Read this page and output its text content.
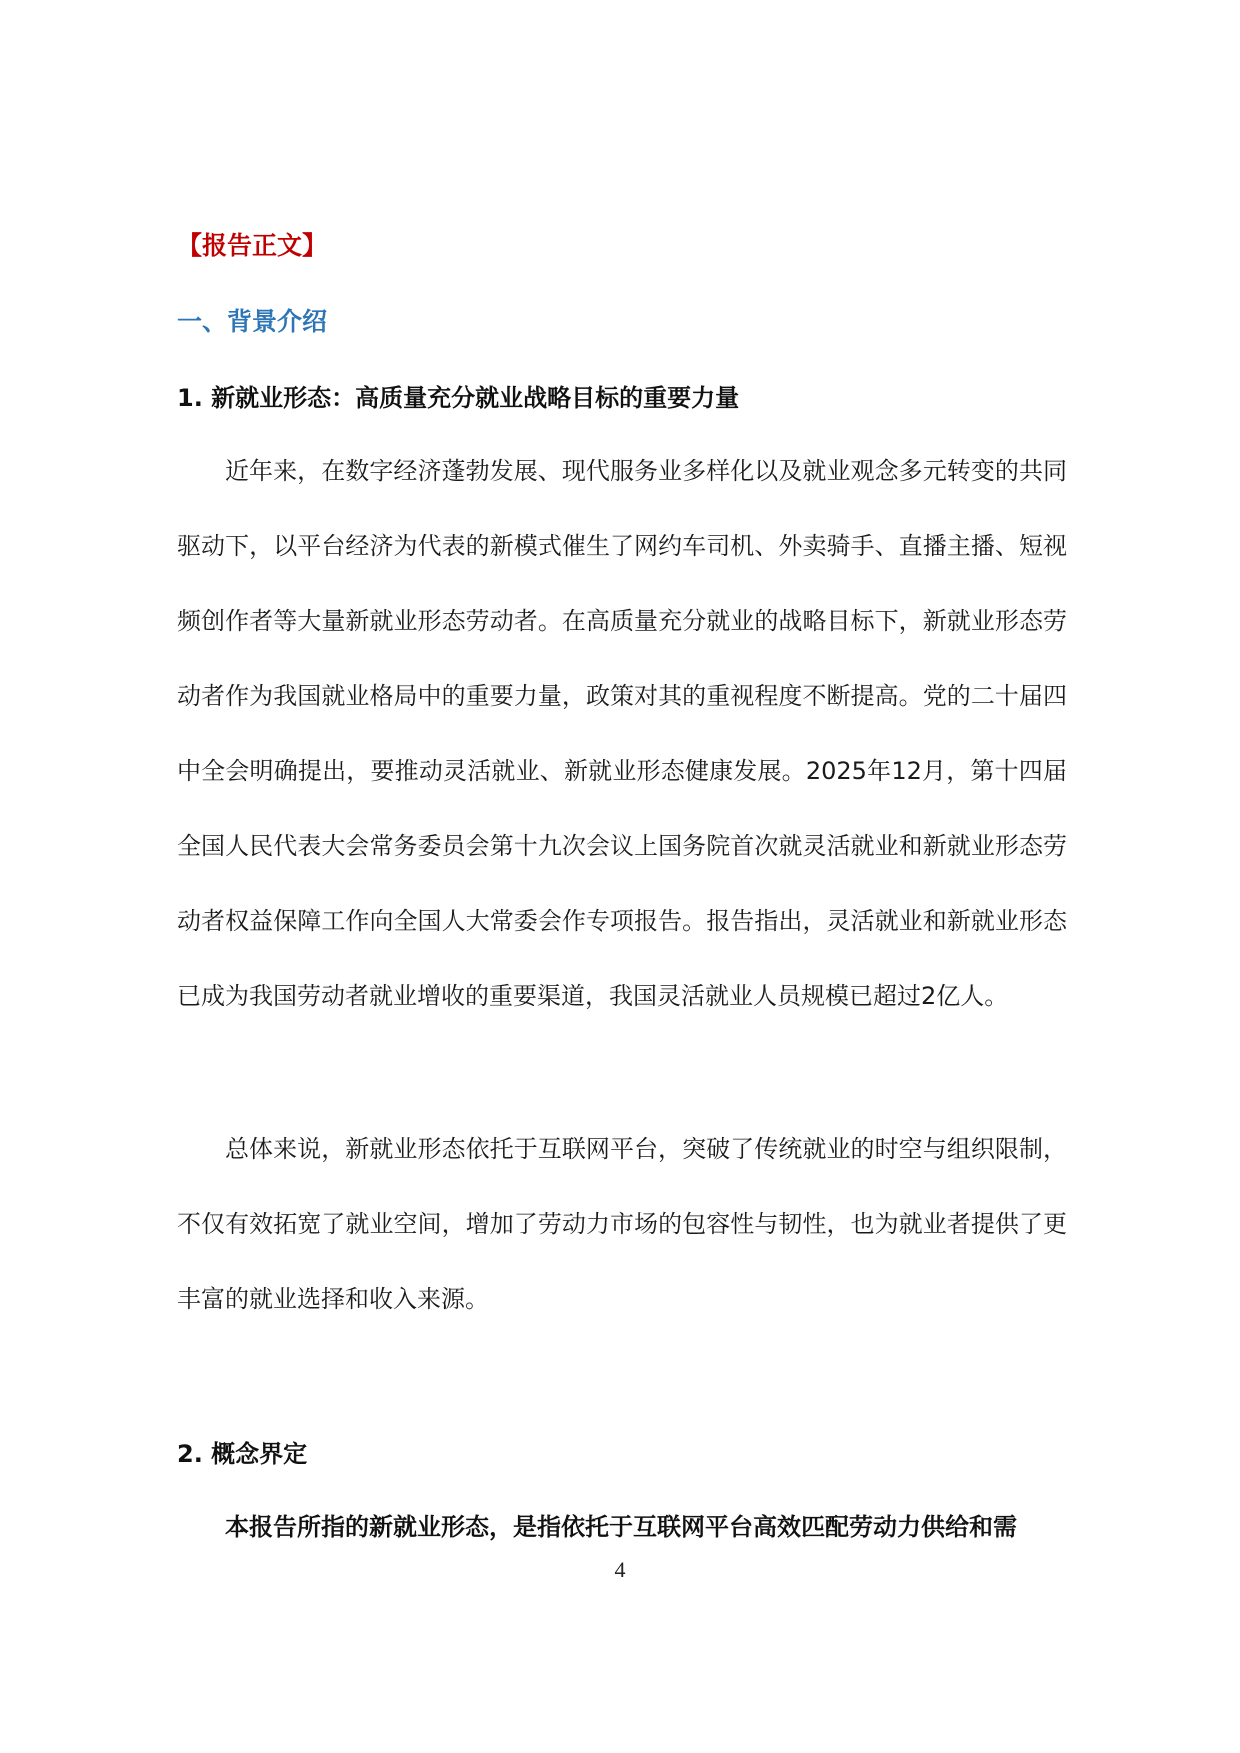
【报告正文】

一、背景介绍
1. 新就业形态：高质量充分就业战略目标的重要力量

近年来，在数字经济蓬勃发展、现代服务业多样化以及就业观念多元转变的共同驱动下，以平台经济为代表的新模式催生了网约车司机、外卖骑手、直播主播、短视频创作者等大量新就业形态劳动者。在高质量充分就业的战略目标下，新就业形态劳动者作为我国就业格局中的重要力量，政策对其的重视程度不断提高。党的二十届四中全会明确提出，要推动灵活就业、新就业形态健康发展。2025年12月，第十四届全国人民代表大会常务委员会第十九次会议上国务院首次就灵活就业和新就业形态劳动者权益保障工作向全国人大常委会作专项报告。报告指出，灵活就业和新就业形态已成为我国劳动者就业增收的重要渠道，我国灵活就业人员规模已超过2亿人。

总体来说，新就业形态依托于互联网平台，突破了传统就业的时空与组织限制，不仅有效拓宽了就业空间，增加了劳动力市场的包容性与韧性，也为就业者提供了更丰富的就业选择和收入来源。

2. 概念界定

本报告所指的新就业形态，是指依托于互联网平台高效匹配劳动力供给和需

4
